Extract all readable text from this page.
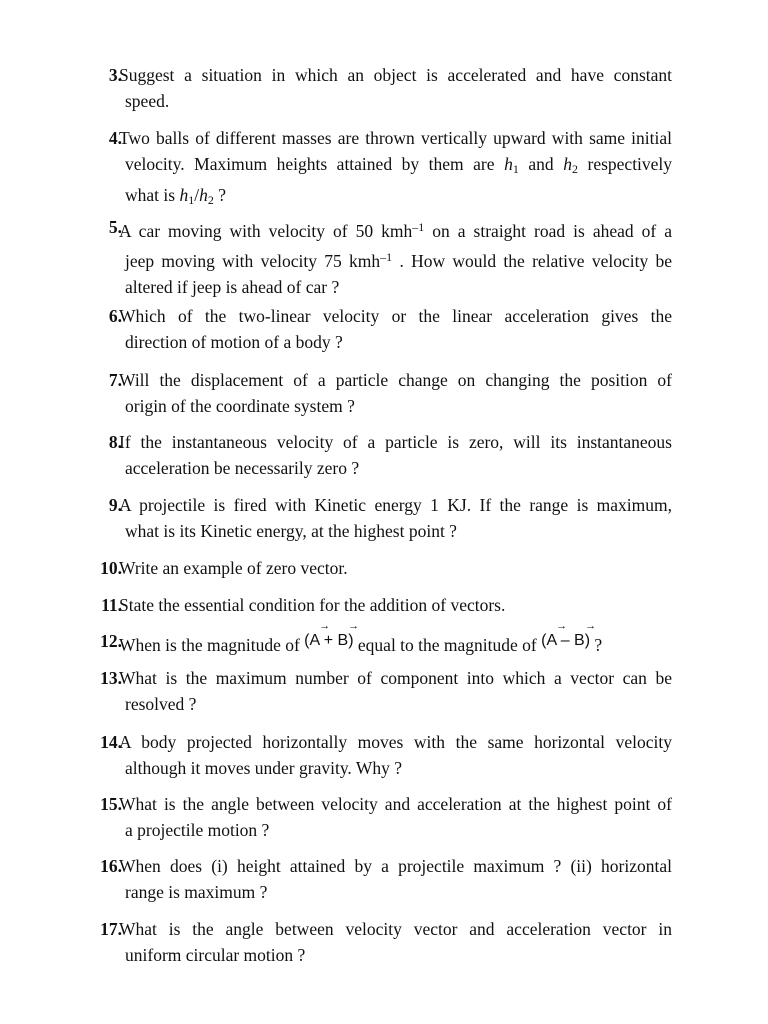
3.
Suggest a situation in which an object is accelerated and have constant
speed.
4.
Two balls of different masses are thrown vertically upward with same initial
velocity. Maximum heights attained by them are $h_1$ and $h_2$ respectively
what is $h_1/h_2$ ?
5.
A car moving with velocity of 50 kmh$^{-1}$ on a straight road is ahead of a
jeep moving with velocity 75 kmh$^{-1}$ . How would the relative velocity be
altered if jeep is ahead of car ?
6.
Which of the two-linear velocity or the linear acceleration gives the
direction of motion of a body ?
7.
Will the displacement of a particle change on changing the position of
origin of the coordinate system ?
8.
If the instantaneous velocity of a particle is zero, will its instantaneous
acceleration be necessarily zero ?
9.
A projectile is fired with Kinetic energy 1 KJ. If the range is maximum,
what is its Kinetic energy, at the highest point ?
10.
Write an example of zero vector.
11.
State the essential condition for the addition of vectors.
12.
When is the magnitude of
→ →
(A + B) equal to the magnitude of
→ →
(A – B) ?
13.
What is the maximum number of component into which a vector can be
resolved ?
14.
A body projected horizontally moves with the same horizontal velocity
although it moves under gravity. Why ?
15.
What is the angle between velocity and acceleration at the highest point of
a projectile motion ?
16.
When does (i) height attained by a projectile maximum ? (ii) horizontal
range is maximum ?
17.
What is the angle between velocity vector and acceleration vector in
uniform circular motion ?
